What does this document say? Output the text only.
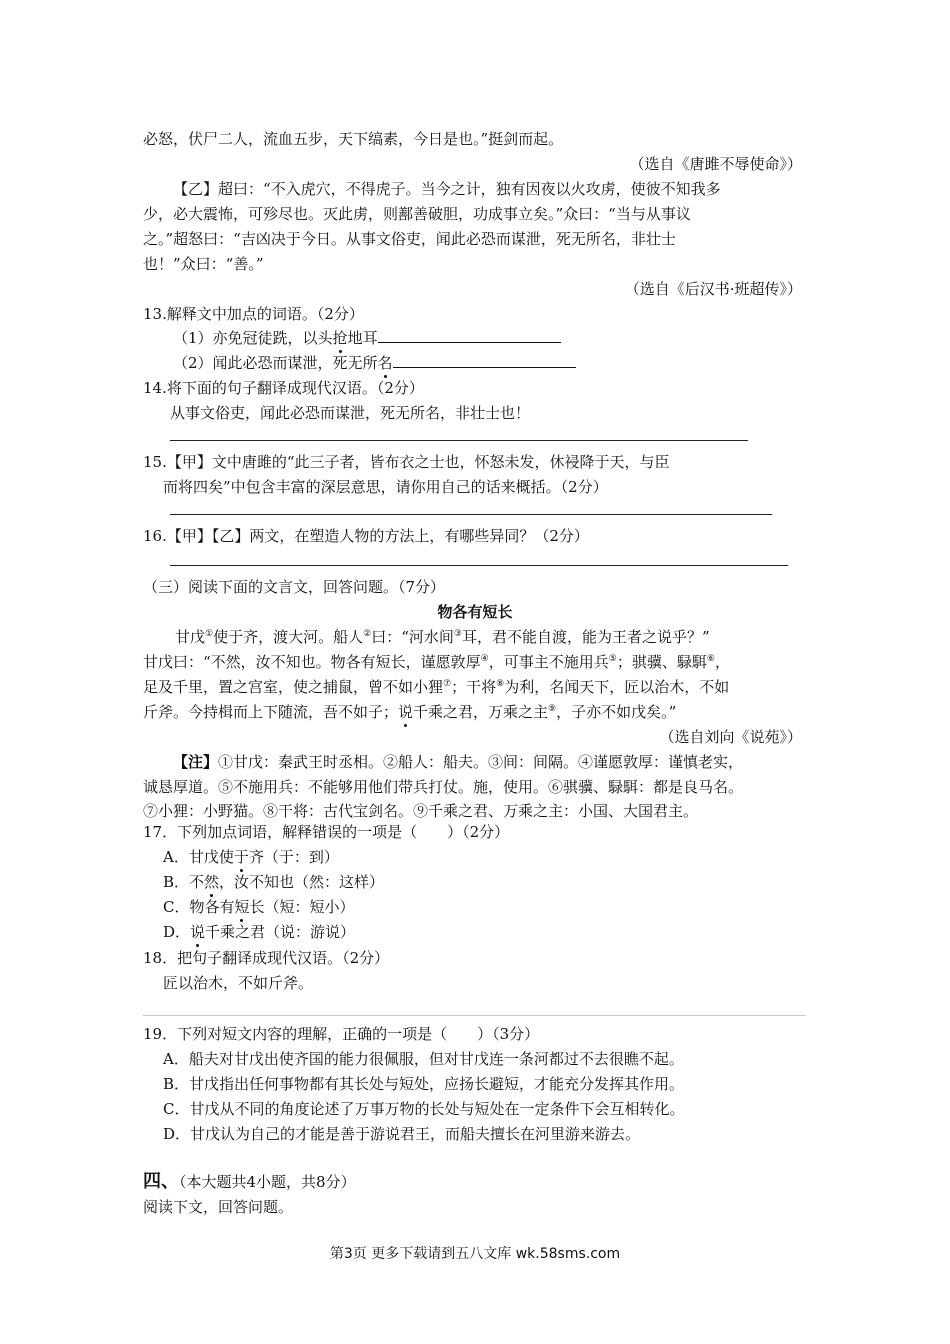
必怒，伏尸二人，流血五步，天下缟素，今日是也。”挺剑而起。
（选自《唐雎不辱使命》）
【乙】超曰：“不入虎穴，不得虎子。当今之计，独有因夜以火攻虏，使彼不知我多
少，必大震怖，可殄尽也。灭此虏，则鄯善破胆，功成事立矣。”众曰：“当与从事议
之。”超怒曰：“吉凶决于今日。从事文俗吏，闻此必恐而谋泄，死无所名，非壮士
也！”众曰：“善。”
（选自《后汉书·班超传》）
13.解释文中加点的词语。（2分）
（1）亦免冠徒跣，以头抢地耳
（2）闻此必恐而谋泄，死无所名
14.将下面的句子翻译成现代汉语。（2分）
从事文俗吏，闻此必恐而谋泄，死无所名，非壮士也！
15.【甲】文中唐雎的“此三子者，皆布衣之士也，怀怒未发，休祲降于天，与臣
而将四矣”中包含丰富的深层意思，请你用自己的话来概括。（2分）
16.【甲】【乙】两文，在塑造人物的方法上，有哪些异同？（2分）
（三）阅读下面的文言文，回答问题。（7分）
物各有短长
甘戊①使于齐，渡大河。船人②曰：“河水间③耳，君不能自渡，能为王者之说乎？”
甘戊曰：“不然，汝不知也。物各有短长，谨愿敦厚④，可事主不施用兵⑤；骐骥、騄駬⑥，
足及千里，置之宫室，使之捕鼠，曾不如小狸⑦；干将⑧为利，名闻天下，匠以治木，不如
斤斧。今持楫而上下随流，吾不如子；说千乘之君，万乘之主⑨，子亦不如戊矣。”
（选自刘向《说苑》）
【注】①甘戊：秦武王时丞相。②船人：船夫。③间：间隔。④谨愿敦厚：谨慎老实，
诚恳厚道。⑤不施用兵：不能够用他们带兵打仗。施，使用。⑥骐骥、騄駬：都是良马名。
⑦小狸：小野猫。⑧干将：古代宝剑名。⑨千乘之君、万乘之主：小国、大国君主。
17．下列加点词语，解释错误的一项是（　　）（2分）
A．甘戊使于齐（于：到）
B．不然，汝不知也（然：这样）
C．物各有短长（短：短小）
D．说千乘之君（说：游说）
18．把句子翻译成现代汉语。（2分）
匠以治木，不如斤斧。
19．下列对短文内容的理解，正确的一项是（　　）（3分）
A．船夫对甘戊出使齐国的能力很佩服，但对甘戊连一条河都过不去很瞧不起。
B．甘戊指出任何事物都有其长处与短处，应扬长避短，才能充分发挥其作用。
C．甘戊从不同的角度论述了万事万物的长处与短处在一定条件下会互相转化。
D．甘戊认为自己的才能是善于游说君王，而船夫擅长在河里游来游去。
四、（本大题共4小题，共8分）
阅读下文，回答问题。
第3页 更多下载请到五八文库 wk.58sms.com
